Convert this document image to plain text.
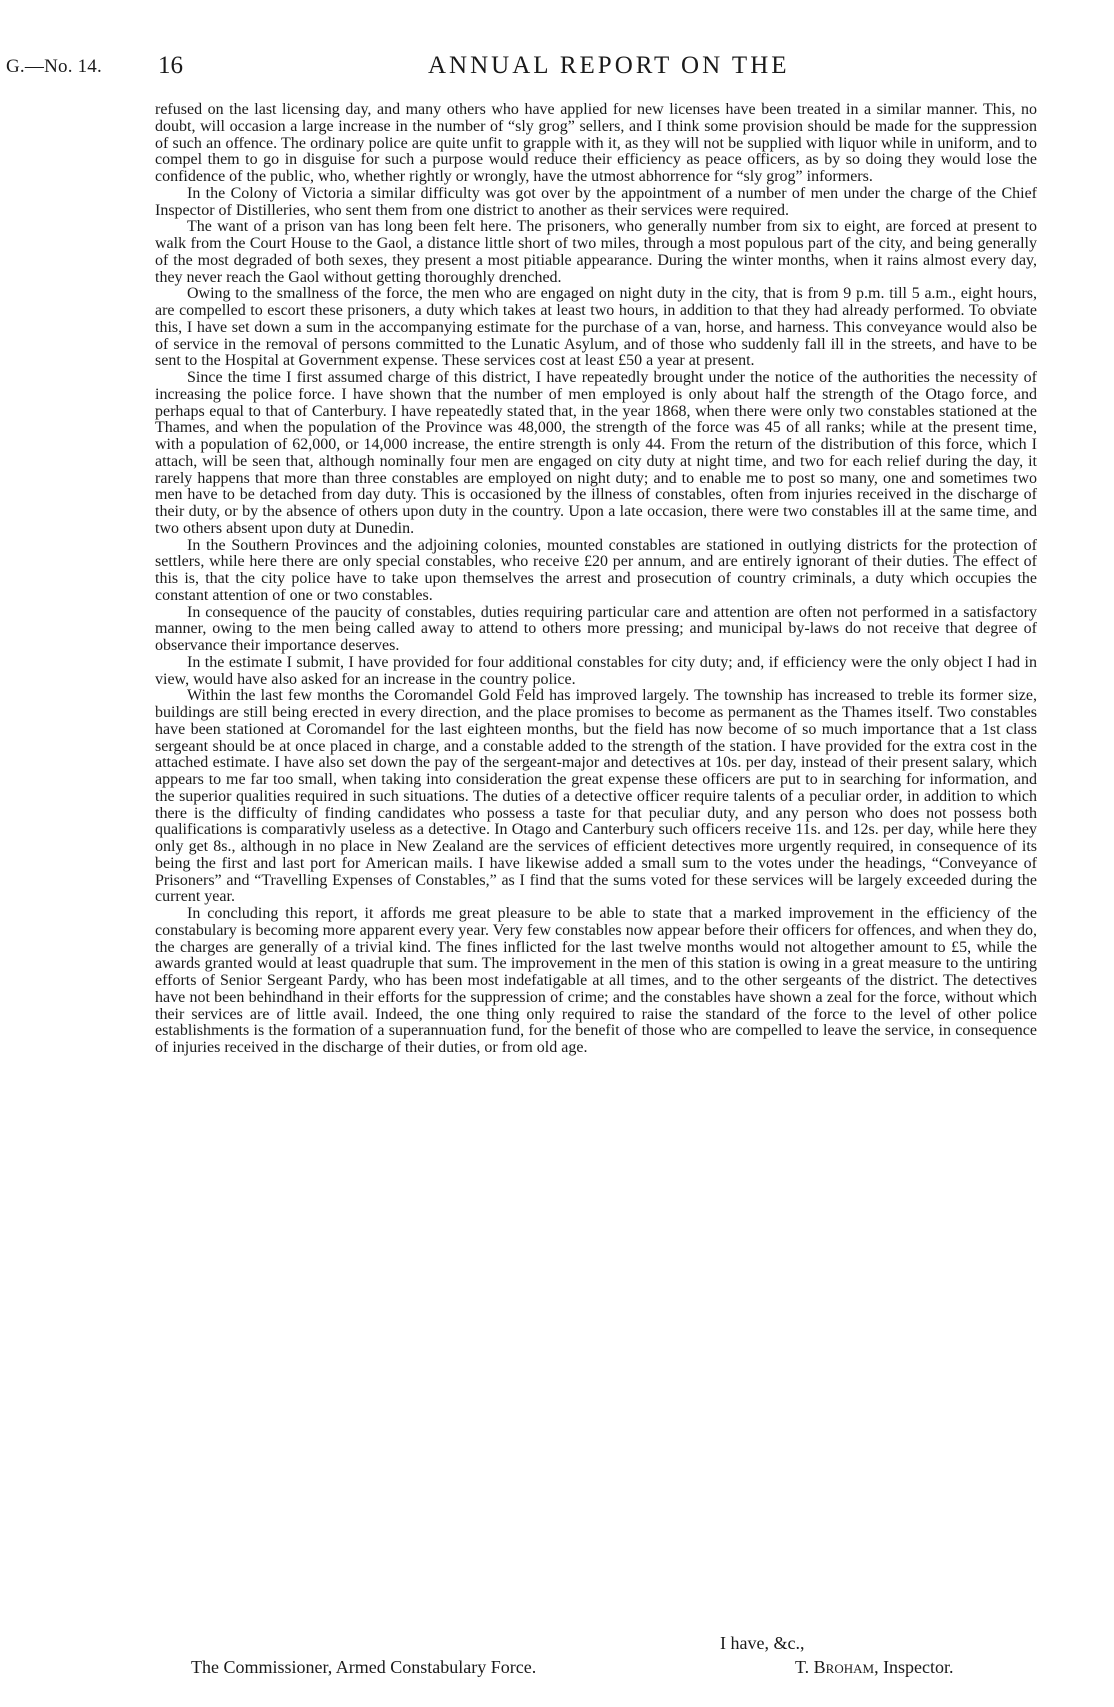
G.—No. 14. 16	ANNUAL REPORT ON THE

refused on the last licensing day, and many others who have applied for new licenses have been treated in a similar manner. This, no doubt, will occasion a large increase in the number of “sly grog” sellers, and I think some provision should be made for the suppression of such an offence. The ordinary police are quite unfit to grapple with it, as they will not be supplied with liquor while in uniform, and to compel them to go in disguise for such a purpose would reduce their efficiency as peace officers, as by so doing they would lose the confidence of the public, who, whether rightly or wrongly, have the utmost abhorrence for “sly grog” informers.

In the Colony of Victoria a similar difficulty was got over by the appointment of a number of men under the charge of the Chief Inspector of Distilleries, who sent them from one district to another as their services were required.

The want of a prison van has long been felt here. The prisoners, who generally number from six to eight, are forced at present to walk from the Court House to the Gaol, a distance little short of two miles, through a most populous part of the city, and being generally of the most degraded of both sexes, they present a most pitiable appearance. During the winter months, when it rains almost every day, they never reach the Gaol without getting thoroughly drenched.

Owing to the smallness of the force, the men who are engaged on night duty in the city, that is from 9 p.m. till 5 a.m., eight hours, are compelled to escort these prisoners, a duty which takes at least two hours, in addition to that they had already performed. To obviate this, I have set down a sum in the accompanying estimate for the purchase of a van, horse, and harness. This conveyance would also be of service in the removal of persons committed to the Lunatic Asylum, and of those who suddenly fall ill in the streets, and have to be sent to the Hospital at Government expense. These services cost at least £50 a year at present.

Since the time I first assumed charge of this district, I have repeatedly brought under the notice of the authorities the necessity of increasing the police force. I have shown that the number of men employed is only about half the strength of the Otago force, and perhaps equal to that of Canterbury. I have repeatedly stated that, in the year 1868, when there were only two constables stationed at the Thames, and when the population of the Province was 48,000, the strength of the force was 45 of all ranks; while at the present time, with a population of 62,000, or 14,000 increase, the entire strength is only 44. From the return of the distribution of this force, which I attach, will be seen that, although nominally four men are engaged on city duty at night time, and two for each relief during the day, it rarely happens that more than three constables are employed on night duty; and to enable me to post so many, one and sometimes two men have to be detached from day duty. This is occasioned by the illness of constables, often from injuries received in the discharge of their duty, or by the absence of others upon duty in the country. Upon a late occasion, there were two constables ill at the same time, and two others absent upon duty at Dunedin.

In the Southern Provinces and the adjoining colonies, mounted constables are stationed in outlying districts for the protection of settlers, while here there are only special constables, who receive £20 per annum, and are entirely ignorant of their duties. The effect of this is, that the city police have to take upon themselves the arrest and prosecution of country criminals, a duty which occupies the constant attention of one or two constables.

In consequence of the paucity of constables, duties requiring particular care and attention are often not performed in a satisfactory manner, owing to the men being called away to attend to others more pressing; and municipal by-laws do not receive that degree of observance their importance deserves.

In the estimate I submit, I have provided for four additional constables for city duty; and, if efficiency were the only object I had in view, would have also asked for an increase in the country police.

Within the last few months the Coromandel Gold Feld has improved largely. The township has increased to treble its former size, buildings are still being erected in every direction, and the place promises to become as permanent as the Thames itself. Two constables have been stationed at Coromandel for the last eighteen months, but the field has now become of so much importance that a 1st class sergeant should be at once placed in charge, and a constable added to the strength of the station. I have provided for the extra cost in the attached estimate. I have also set down the pay of the sergeant-major and detectives at 10s. per day, instead of their present salary, which appears to me far too small, when taking into consideration the great expense these officers are put to in searching for information, and the superior qualities required in such situations. The duties of a detective officer require talents of a peculiar order, in addition to which there is the difficulty of finding candidates who possess a taste for that peculiar duty, and any person who does not possess both qualifications is comparativly useless as a detective. In Otago and Canterbury such officers receive 11s. and 12s. per day, while here they only get 8s., although in no place in New Zealand are the services of efficient detectives more urgently required, in consequence of its being the first and last port for American mails. I have likewise added a small sum to the votes under the headings, “Conveyance of Prisoners” and “Travelling Expenses of Constables,” as I find that the sums voted for these services will be largely exceeded during the current year.

In concluding this report, it affords me great pleasure to be able to state that a marked improvement in the efficiency of the constabulary is becoming more apparent every year. Very few constables now appear before their officers for offences, and when they do, the charges are generally of a trivial kind. The fines inflicted for the last twelve months would not altogether amount to £5, while the awards granted would at least quadruple that sum. The improvement in the men of this station is owing in a great measure to the untiring efforts of Senior Sergeant Pardy, who has been most indefatigable at all times, and to the other sergeants of the district. The detectives have not been behindhand in their efforts for the suppression of crime; and the constables have shown a zeal for the force, without which their services are of little avail. Indeed, the one thing only required to raise the standard of the force to the level of other police establishments is the formation of a superannuation fund, for the benefit of those who are compelled to leave the service, in consequence of injuries received in the discharge of their duties, or from old age.

I have, &c.,
The Commissioner, Armed Constabulary Force.	T. Broham, Inspector.
